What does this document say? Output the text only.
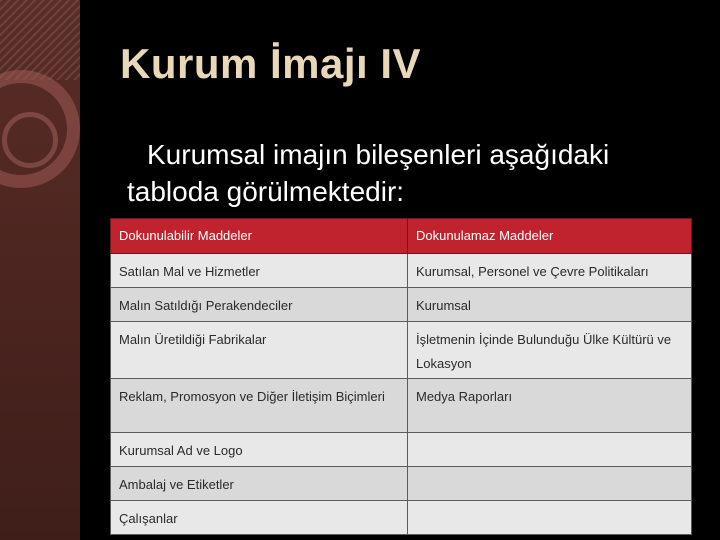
Kurum İmajı IV

Kurumsal imajın bileşenleri aşağıdaki tabloda görülmektedir:

Dokunulabilir Maddeler	Dokunulamaz Maddeler
Satılan Mal ve Hizmetler	Kurumsal, Personel ve Çevre Politikaları
Malın Satıldığı Perakendeciler	Kurumsal
Malın Üretildiği Fabrikalar	İşletmenin İçinde Bulunduğu Ülke Kültürü ve Lokasyon
Reklam, Promosyon ve Diğer İletişim Biçimleri	Medya Raporları
Kurumsal Ad ve Logo	
Ambalaj ve Etiketler	
Çalışanlar	
